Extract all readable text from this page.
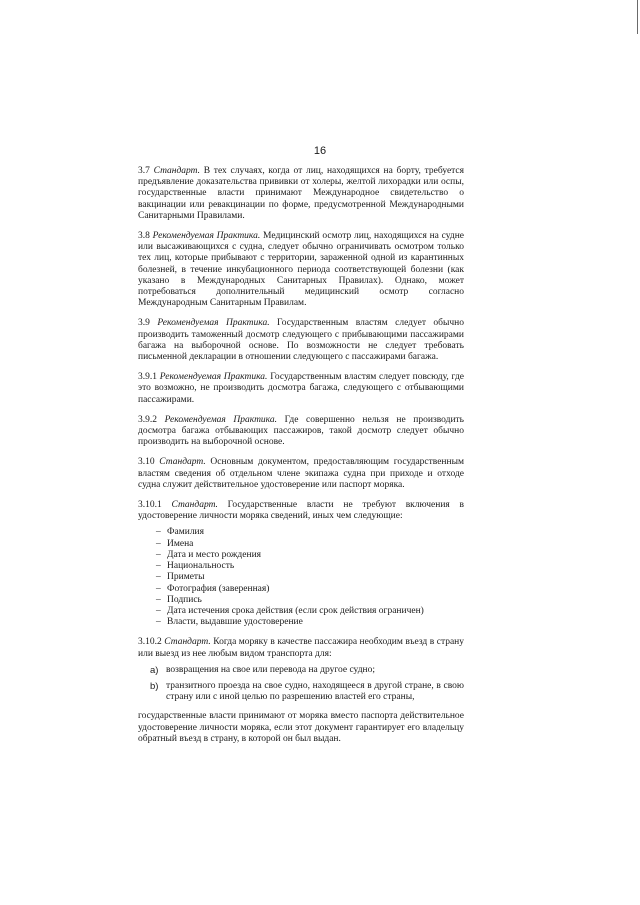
16

3.7 Стандарт. В тех случаях, когда от лиц, находящихся на борту, требуется предъявление доказательства прививки от холеры, желтой лихорадки или оспы, государственные власти принимают Международное свидетельство о вакцинации или ревакцинации по форме, предусмотренной Международными Санитарными Правилами.

3.8 Рекомендуемая Практика. Медицинский осмотр лиц, находящихся на судне или высаживающихся с судна, следует обычно ограничивать осмотром только тех лиц, которые прибывают с территории, зараженной одной из карантинных болезней, в течение инкубационного периода соответствующей болезни (как указано в Международных Санитарных Правилах). Однако, может потребоваться дополнительный медицинский осмотр согласно Международным Санитарным Правилам.

3.9 Рекомендуемая Практика. Государственным властям следует обычно производить таможенный досмотр следующего с прибывающими пассажирами багажа на выборочной основе. По возможности не следует требовать письменной декларации в отношении следующего с пассажирами багажа.

3.9.1 Рекомендуемая Практика. Государственным властям следует повсюду, где это возможно, не производить досмотра багажа, следующего с отбывающими пассажирами.

3.9.2 Рекомендуемая Практика. Где совершенно нельзя не производить досмотра багажа отбывающих пассажиров, такой досмотр следует обычно производить на выборочной основе.

3.10 Стандарт. Основным документом, предоставляющим государственным властям сведения об отдельном члене экипажа судна при приходе и отходе судна служит действительное удостоверение или паспорт моряка.

3.10.1 Стандарт. Государственные власти не требуют включения в удостоверение личности моряка сведений, иных чем следующие:

– Фамилия
– Имена
– Дата и место рождения
– Национальность
– Приметы
– Фотография (заверенная)
– Подпись
– Дата истечения срока действия (если срок действия ограничен)
– Власти, выдавшие удостоверение

3.10.2 Стандарт. Когда моряку в качестве пассажира необходим въезд в страну или выезд из нее любым видом транспорта для:

a) возвращения на свое или перевода на другое судно;
b) транзитного проезда на свое судно, находящееся в другой стране, в свою страну или с иной целью по разрешению властей его страны,

государственные власти принимают от моряка вместо паспорта действительное удостоверение личности моряка, если этот документ гарантирует его владельцу обратный въезд в страну, в которой он был выдан.
